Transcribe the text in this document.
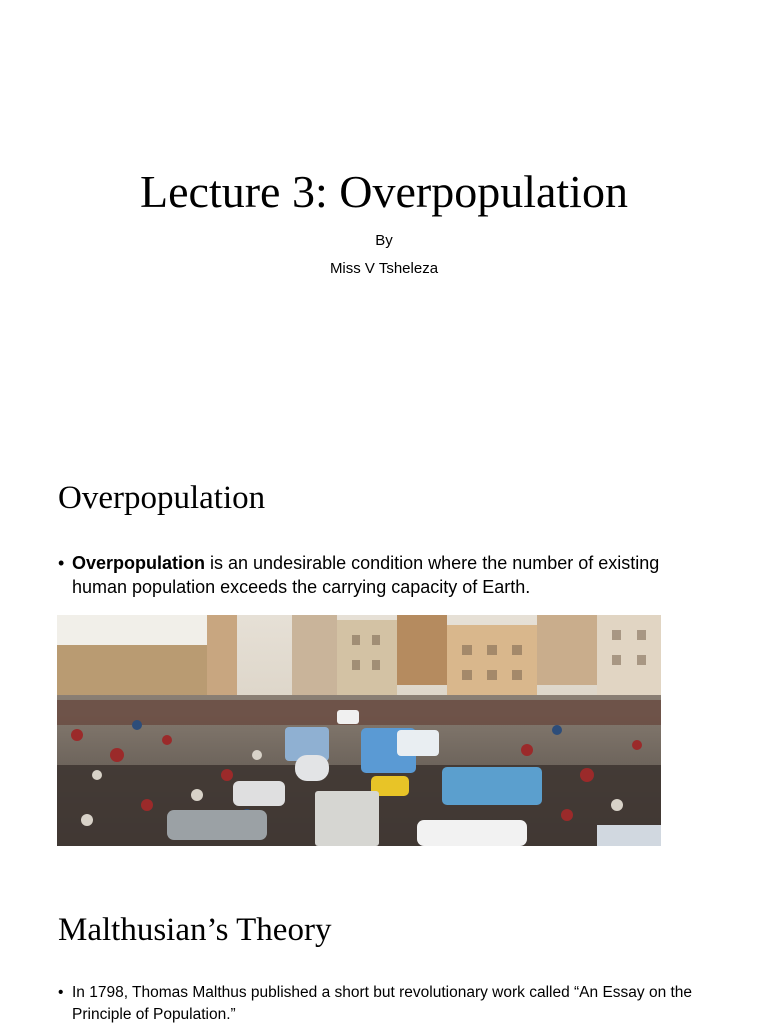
Lecture 3: Overpopulation
By
Miss V Tsheleza
Overpopulation
• Overpopulation is an undesirable condition where the number of existing human population exceeds the carrying capacity of Earth.
Malthusian’s Theory
• In 1798, Thomas Malthus published a short but revolutionary work called “An Essay on the Principle of Population.”
